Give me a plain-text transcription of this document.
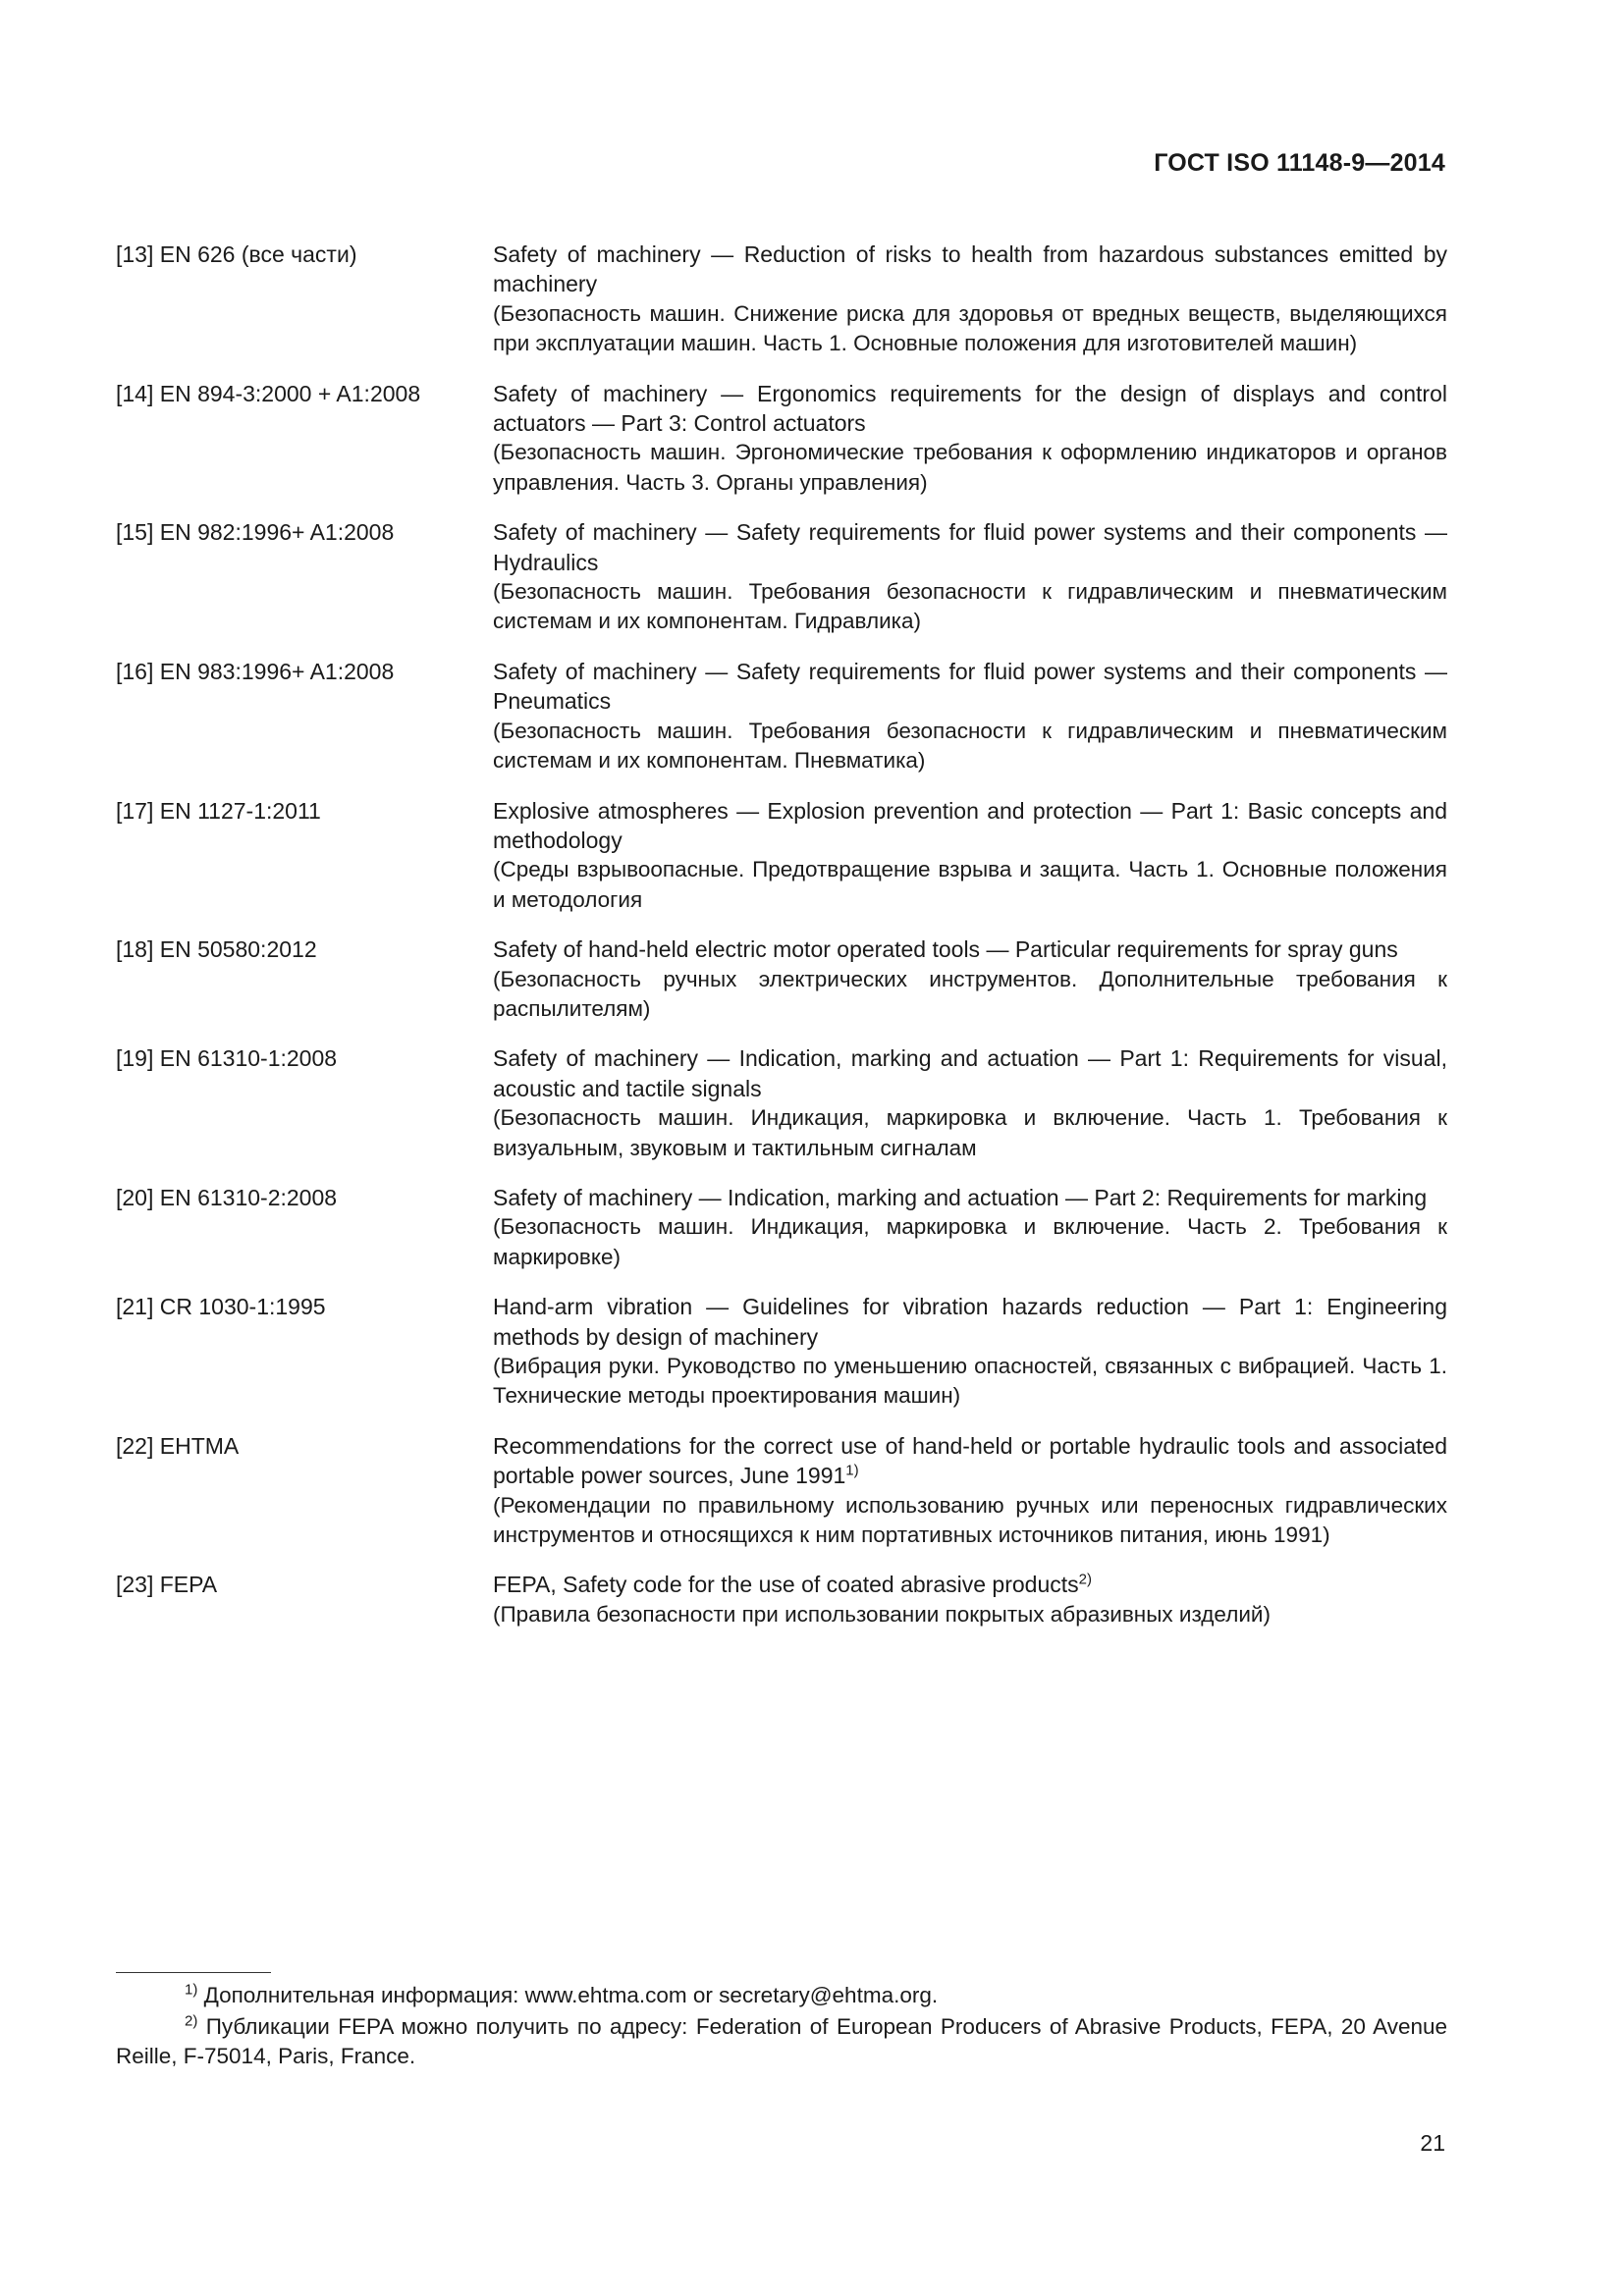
ГОСТ ISO 11148-9—2014
[13] EN 626 (все части)	Safety of machinery — Reduction of risks to health from hazardous substances emitted by machinery
(Безопасность машин. Снижение риска для здоровья от вредных веществ, выделяющихся при эксплуатации машин. Часть 1. Основные положения для изготовителей машин)
[14] EN 894-3:2000 + A1:2008	Safety of machinery — Ergonomics requirements for the design of displays and control actuators — Part 3: Control actuators
(Безопасность машин. Эргономические требования к оформлению индикаторов и органов управления. Часть 3. Органы управления)
[15] EN 982:1996+ A1:2008	Safety of machinery — Safety requirements for fluid power systems and their components — Hydraulics
(Безопасность машин. Требования безопасности к гидравлическим и пневматическим системам и их компонентам. Гидравлика)
[16] EN 983:1996+ A1:2008	Safety of machinery — Safety requirements for fluid power systems and their components — Pneumatics
(Безопасность машин. Требования безопасности к гидравлическим и пневматическим системам и их компонентам. Пневматика)
[17] EN 1127-1:2011	Explosive atmospheres — Explosion prevention and protection — Part 1: Basic concepts and methodology
(Среды взрывоопасные. Предотвращение взрыва и защита. Часть 1. Основные положения и методология
[18] EN 50580:2012	Safety of hand-held electric motor operated tools — Particular requirements for spray guns
(Безопасность ручных электрических инструментов. Дополнительные требования к распылителям)
[19] EN 61310-1:2008	Safety of machinery — Indication, marking and actuation — Part 1: Requirements for visual, acoustic and tactile signals
(Безопасность машин. Индикация, маркировка и включение. Часть 1. Требования к визуальным, звуковым и тактильным сигналам
[20] EN 61310-2:2008	Safety of machinery — Indication, marking and actuation — Part 2: Requirements for marking
(Безопасность машин. Индикация, маркировка и включение. Часть 2. Требования к маркировке)
[21] CR 1030-1:1995	Hand-arm vibration — Guidelines for vibration hazards reduction — Part 1: Engineering methods by design of machinery
(Вибрация руки. Руководство по уменьшению опасностей, связанных с вибрацией. Часть 1. Технические методы проектирования машин)
[22] EHTMA	Recommendations for the correct use of hand-held or portable hydraulic tools and associated portable power sources, June 1991$^{1)}$
(Рекомендации по правильному использованию ручных или переносных гидравлических инструментов и относящихся к ним портативных источников питания, июнь 1991)
[23] FEPA	FEPA, Safety code for the use of coated abrasive products$^{2)}$
(Правила безопасности при использовании покрытых абразивных изделий)

$^{1)}$ Дополнительная информация: www.ehtma.com or secretary@ehtma.org.

$^{2)}$ Публикации FEPA можно получить по адресу: Federation of European Producers of Abrasive Products, FEPA, 20 Avenue Reille, F-75014, Paris, France.

21
